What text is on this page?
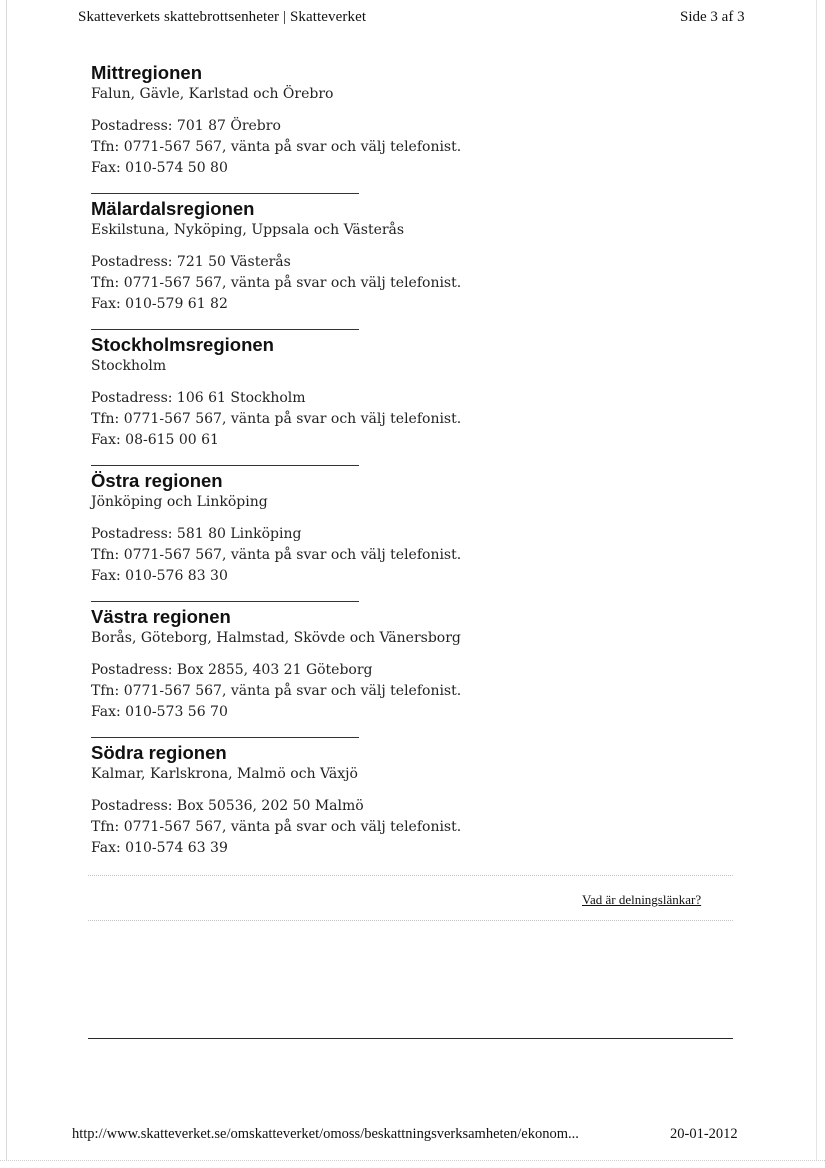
Skatteverkets skattebrottsenheter | Skatteverket	Side 3 af 3
Mittregionen
Falun, Gävle, Karlstad och Örebro
Postadress: 701 87 Örebro
Tfn: 0771-567 567, vänta på svar och välj telefonist.
Fax: 010-574 50 80
Mälardalsregionen
Eskilstuna, Nyköping, Uppsala och Västerås
Postadress: 721 50 Västerås
Tfn: 0771-567 567, vänta på svar och välj telefonist.
Fax: 010-579 61 82
Stockholmsregionen
Stockholm
Postadress: 106 61 Stockholm
Tfn: 0771-567 567, vänta på svar och välj telefonist.
Fax: 08-615 00 61
Östra regionen
Jönköping och Linköping
Postadress: 581 80 Linköping
Tfn: 0771-567 567, vänta på svar och välj telefonist.
Fax: 010-576 83 30
Västra regionen
Borås, Göteborg, Halmstad, Skövde och Vänersborg
Postadress: Box 2855, 403 21 Göteborg
Tfn: 0771-567 567, vänta på svar och välj telefonist.
Fax: 010-573 56 70
Södra regionen
Kalmar, Karlskrona, Malmö och Växjö
Postadress: Box 50536, 202 50 Malmö
Tfn: 0771-567 567, vänta på svar och välj telefonist.
Fax: 010-574 63 39
Vad är delningslänkar?
http://www.skatteverket.se/omskatteverket/omoss/beskattningsverksamheten/ekonom...	20-01-2012
